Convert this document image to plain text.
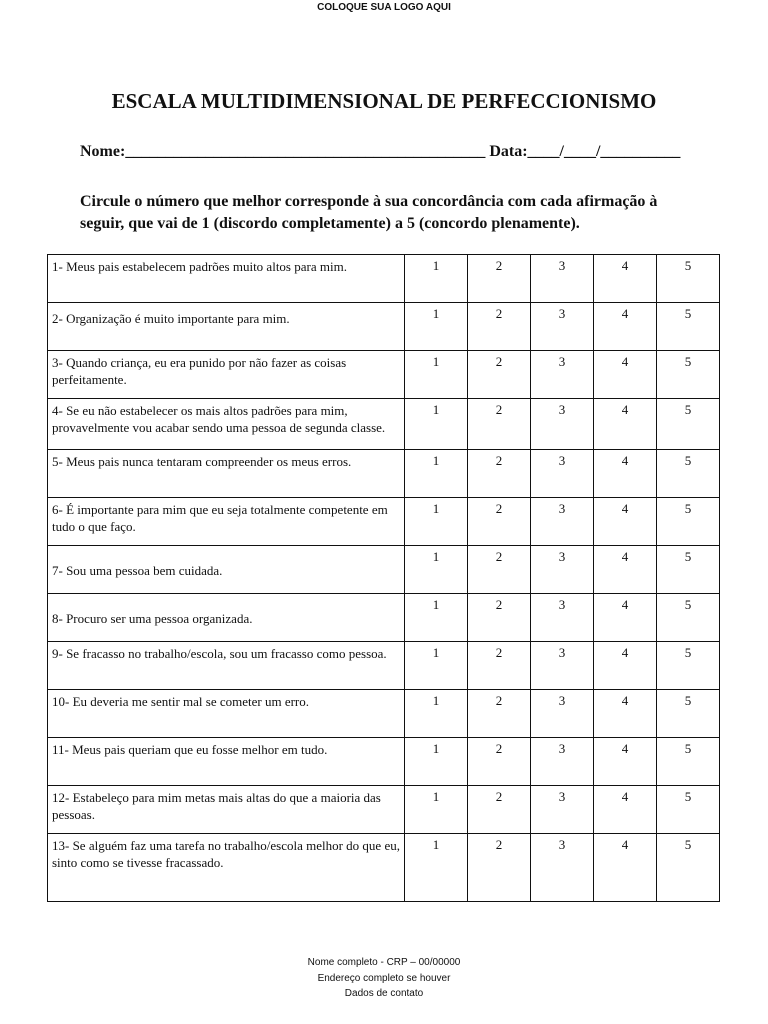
COLOQUE SUA LOGO AQUI
ESCALA MULTIDIMENSIONAL DE PERFECCIONISMO
Nome:_____________________________________________ Data:____/____/__________
Circule o número que melhor corresponde à sua concordância com cada afirmação à seguir, que vai de 1 (discordo completamente) a 5 (concordo plenamente).
1- Meus pais estabelecem padrões muito altos para mim.	1	2	3	4	5

2- Organização é muito importante para mim.	1	2	3	4	5

3- Quando criança, eu era punido por não fazer as coisas perfeitamente.	1	2	3	4	5

4- Se eu não estabelecer os mais altos padrões para mim, provavelmente vou acabar sendo uma pessoa de segunda classe.	1	2	3	4	5

5- Meus pais nunca tentaram compreender os meus erros.	1	2	3	4	5

6- É importante para mim que eu seja totalmente competente em tudo o que faço.	1	2	3	4	5

7- Sou uma pessoa bem cuidada.	1	2	3	4	5

8- Procuro ser uma pessoa organizada.	1	2	3	4	5

9- Se fracasso no trabalho/escola, sou um fracasso como pessoa.	1	2	3	4	5

10- Eu deveria me sentir mal se cometer um erro.	1	2	3	4	5

11- Meus pais queriam que eu fosse melhor em tudo.	1	2	3	4	5

12- Estabeleço para mim metas mais altas do que a maioria das pessoas.	1	2	3	4	5

13- Se alguém faz uma tarefa no trabalho/escola melhor do que eu, sinto como se tivesse fracassado.	1	2	3	4	5
Nome completo - CRP – 00/00000
Endereço completo se houver
Dados de contato
